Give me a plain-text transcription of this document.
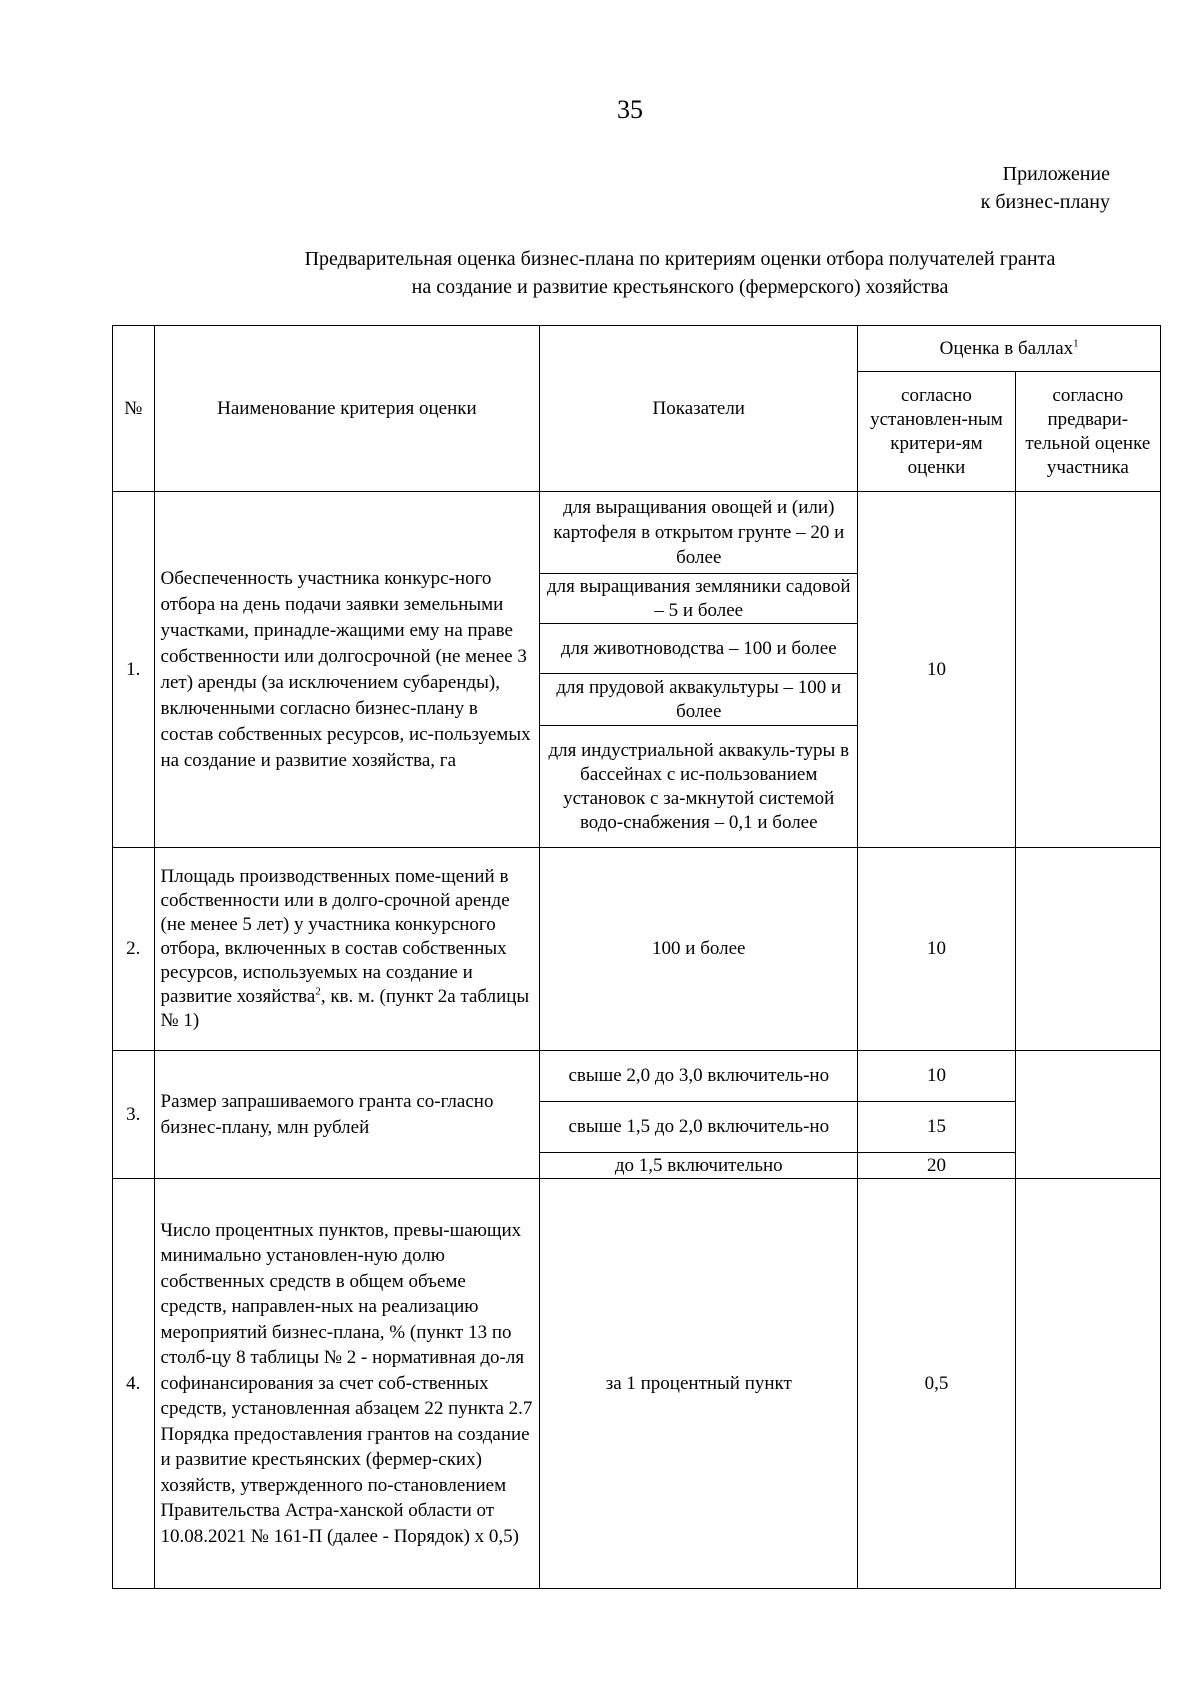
35
Приложение
к бизнес-плану
Предварительная оценка бизнес-плана по критериям оценки отбора получателей гранта
на создание и развитие крестьянского (фермерского) хозяйства
№	Наименование критерия оценки	Показатели	Оценка в баллах$^1$
			согласно установлен-ным критери-ям оценки	согласно предвари-тельной оценке участника
1.	Обеспеченность участника конкурс-ного отбора на день подачи заявки земельными участками, принадле-жащими ему на праве собственности или долгосрочной (не менее 3 лет) аренды (за исключением субаренды), включенными согласно бизнес-плану в состав собственных ресурсов, ис-пользуемых на создание и развитие хозяйства, га	для выращивания овощей и (или) картофеля в открытом грунте – 20 и более	10	
		для выращивания земляники садовой – 5 и более		
		для животноводства – 100 и более		
		для прудовой аквакультуры – 100 и более		
		для индустриальной аквакуль-туры в бассейнах с ис-пользованием установок с за-мкнутой системой водо-снабжения – 0,1 и более		
2.	Площадь производственных поме-щений в собственности или в долго-срочной аренде (не менее 5 лет) у участника конкурсного отбора, включенных в состав собственных ресурсов, используемых на создание и развитие хозяйства$^2$, кв. м. (пункт 2а таблицы № 1)	100 и более	10	
3.	Размер запрашиваемого гранта со-гласно бизнес-плану, млн рублей	свыше 2,0 до 3,0 включитель-но	10	
		свыше 1,5 до 2,0 включитель-но	15	
		до 1,5 включительно	20	
4.	Число процентных пунктов, превы-шающих минимально установлен-ную долю собственных средств в общем объеме средств, направлен-ных на реализацию мероприятий бизнес-плана, % (пункт 13 по столб-цу 8 таблицы № 2 - нормативная до-ля софинансирования за счет соб-ственных средств, установленная абзацем 22 пункта 2.7 Порядка предоставления грантов на создание и развитие крестьянских (фермер-ских) хозяйств, утвержденного по-становлением Правительства Астра-ханской области от 10.08.2021 № 161-П (далее - Порядок) х 0,5)	за 1 процентный пункт	0,5	
